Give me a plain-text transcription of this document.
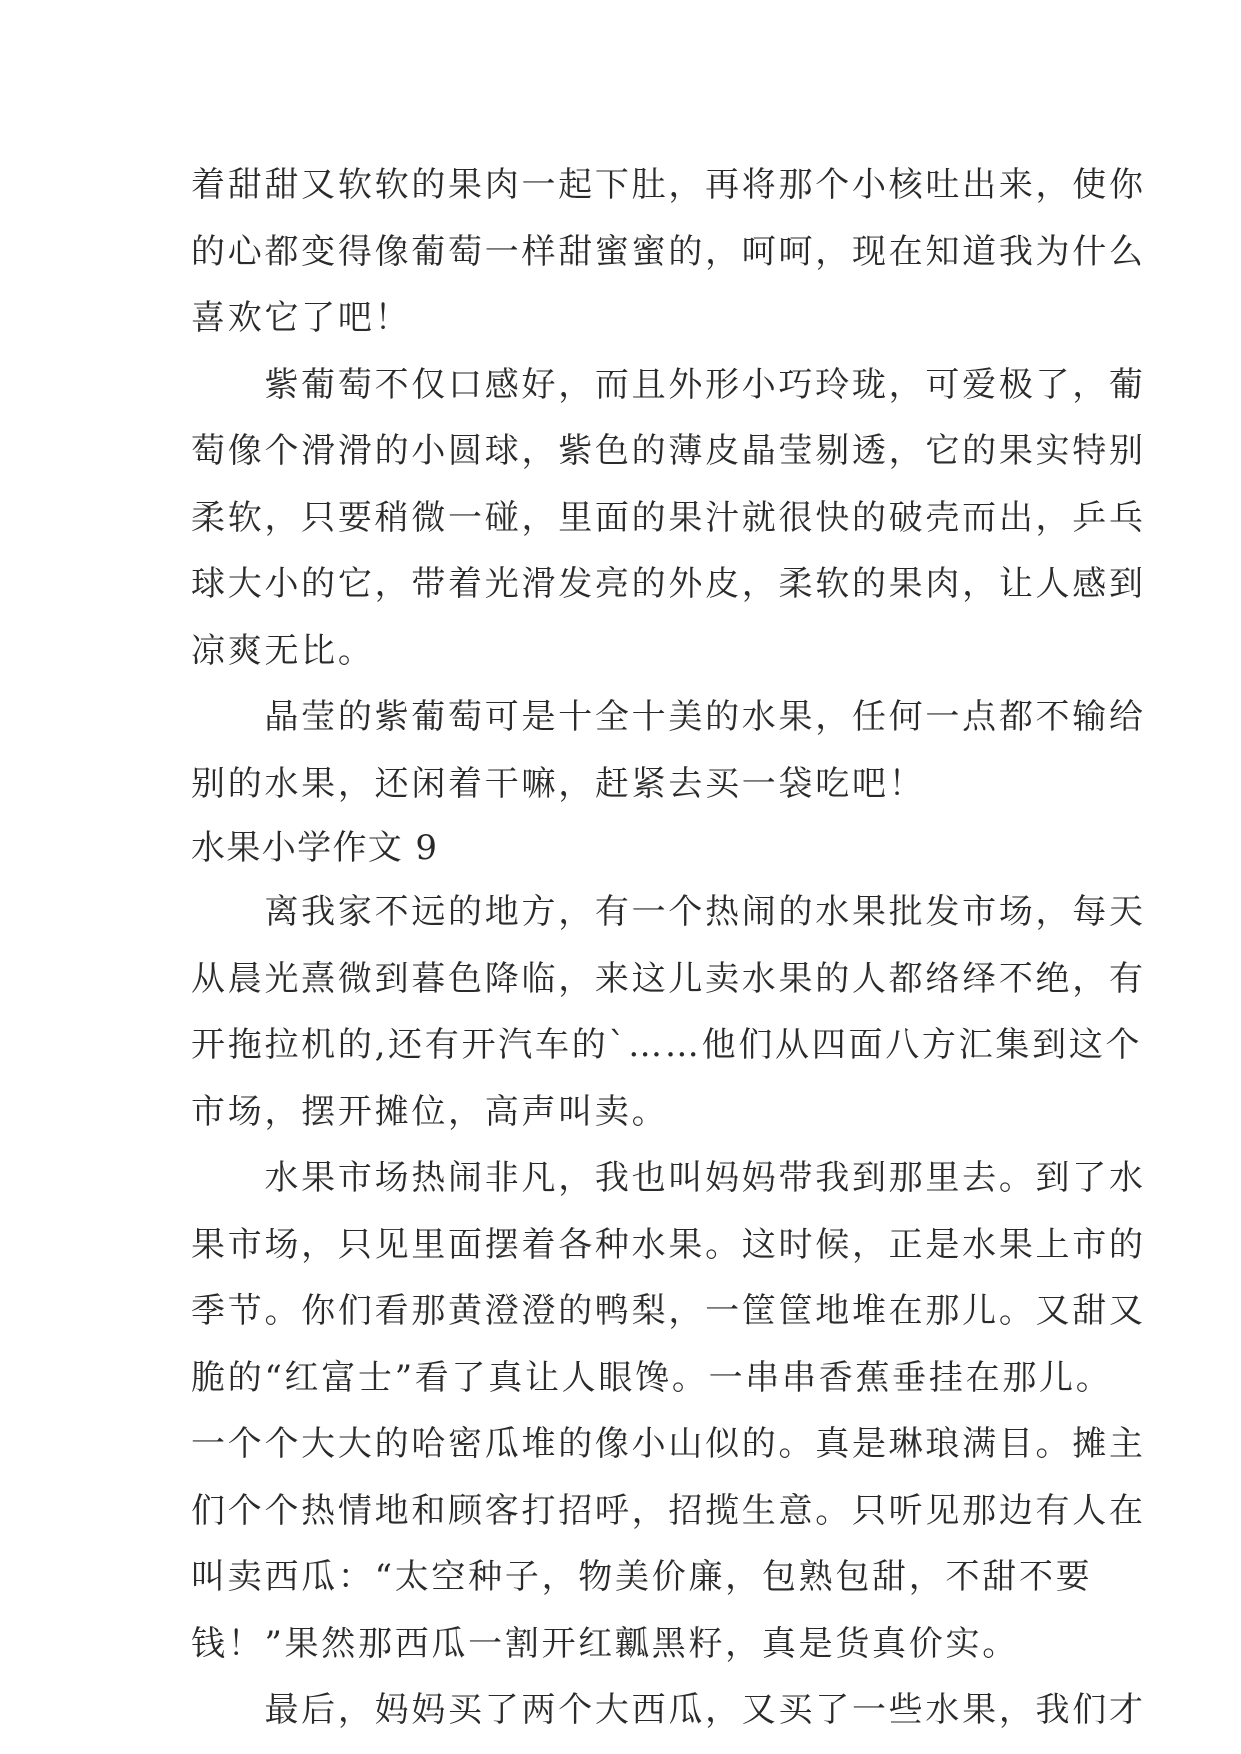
着甜甜又软软的果肉一起下肚，再将那个小核吐出来，使你
的心都变得像葡萄一样甜蜜蜜的，呵呵，现在知道我为什么
喜欢它了吧！
　　紫葡萄不仅口感好，而且外形小巧玲珑，可爱极了，葡
萄像个滑滑的小圆球，紫色的薄皮晶莹剔透，它的果实特别
柔软，只要稍微一碰，里面的果汁就很快的破壳而出，乒乓
球大小的它，带着光滑发亮的外皮，柔软的果肉，让人感到
凉爽无比。
　　晶莹的紫葡萄可是十全十美的水果，任何一点都不输给
别的水果，还闲着干嘛，赶紧去买一袋吃吧！
水果小学作文 9
　　离我家不远的地方，有一个热闹的水果批发市场，每天
从晨光熹微到暮色降临，来这儿卖水果的人都络绎不绝，有
开拖拉机的,还有开汽车的`……他们从四面八方汇集到这个
市场，摆开摊位，高声叫卖。
　　水果市场热闹非凡，我也叫妈妈带我到那里去。到了水
果市场，只见里面摆着各种水果。这时候，正是水果上市的
季节。你们看那黄澄澄的鸭梨，一筐筐地堆在那儿。又甜又
脆的“红富士”看了真让人眼馋。一串串香蕉垂挂在那儿。
一个个大大的哈密瓜堆的像小山似的。真是琳琅满目。摊主
们个个热情地和顾客打招呼，招揽生意。只听见那边有人在
叫卖西瓜：“太空种子，物美价廉，包熟包甜，不甜不要
钱！”果然那西瓜一割开红瓤黑籽，真是货真价实。
　　最后，妈妈买了两个大西瓜，又买了一些水果，我们才
